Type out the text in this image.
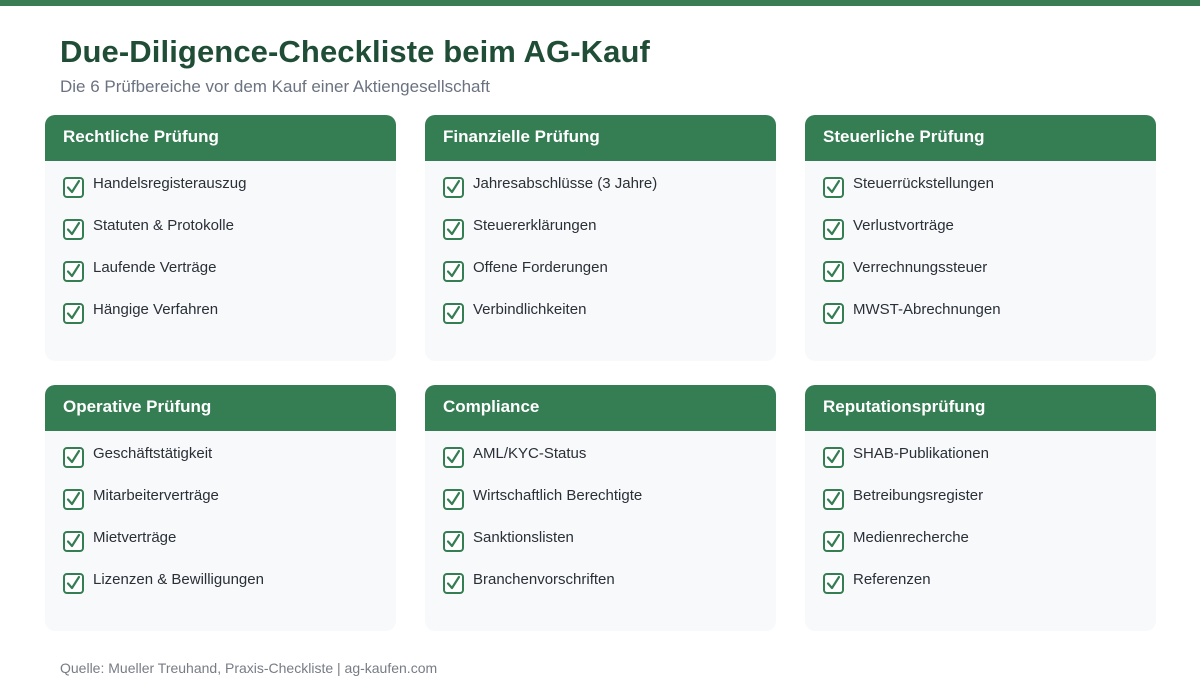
Due-Diligence-Checkliste beim AG-Kauf
Die 6 Prüfbereiche vor dem Kauf einer Aktiengesellschaft
Rechtliche Prüfung
Handelsregisterauszug
Statuten & Protokolle
Laufende Verträge
Hängige Verfahren
Finanzielle Prüfung
Jahresabschlüsse (3 Jahre)
Steuererklärungen
Offene Forderungen
Verbindlichkeiten
Steuerliche Prüfung
Steuerrückstellungen
Verlustvorträge
Verrechnungssteuer
MWST-Abrechnungen
Operative Prüfung
Geschäftstätigkeit
Mitarbeiterverträge
Mietverträge
Lizenzen & Bewilligungen
Compliance
AML/KYC-Status
Wirtschaftlich Berechtigte
Sanktionslisten
Branchenvorschriften
Reputationsprüfung
SHAB-Publikationen
Betreibungsregister
Medienrecherche
Referenzen
Quelle: Mueller Treuhand, Praxis-Checkliste | ag-kaufen.com
